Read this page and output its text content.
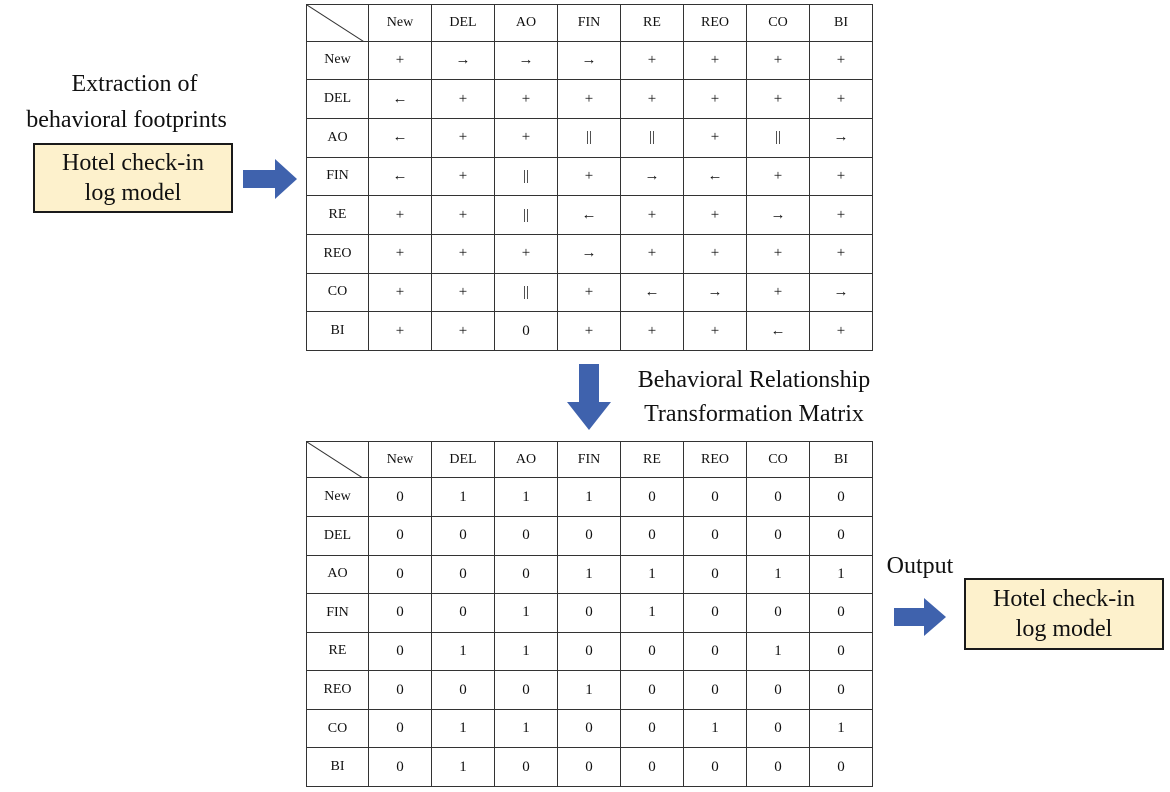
Extraction of
behavioral footprints
Hotel check-in
log model
	New	DEL	AO	FIN	RE	REO	CO	BI
New	+	→	→	→	+	+	+	+
DEL	←	+	+	+	+	+	+	+
AO	←	+	+	||	||	+	||	→
FIN	←	+	||	+	→	←	+	+
RE	+	+	||	←	+	+	→	+
REO	+	+	+	→	+	+	+	+
CO	+	+	||	+	←	→	+	→
BI	+	+	0	+	+	+	←	+
Behavioral Relationship
Transformation Matrix
	New	DEL	AO	FIN	RE	REO	CO	BI
New	0	1	1	1	0	0	0	0
DEL	0	0	0	0	0	0	0	0
AO	0	0	0	1	1	0	1	1
FIN	0	0	1	0	1	0	0	0
RE	0	1	1	0	0	0	1	0
REO	0	0	0	1	0	0	0	0
CO	0	1	1	0	0	1	0	1
BI	0	1	0	0	0	0	0	0
Output
Hotel check-in
log model
